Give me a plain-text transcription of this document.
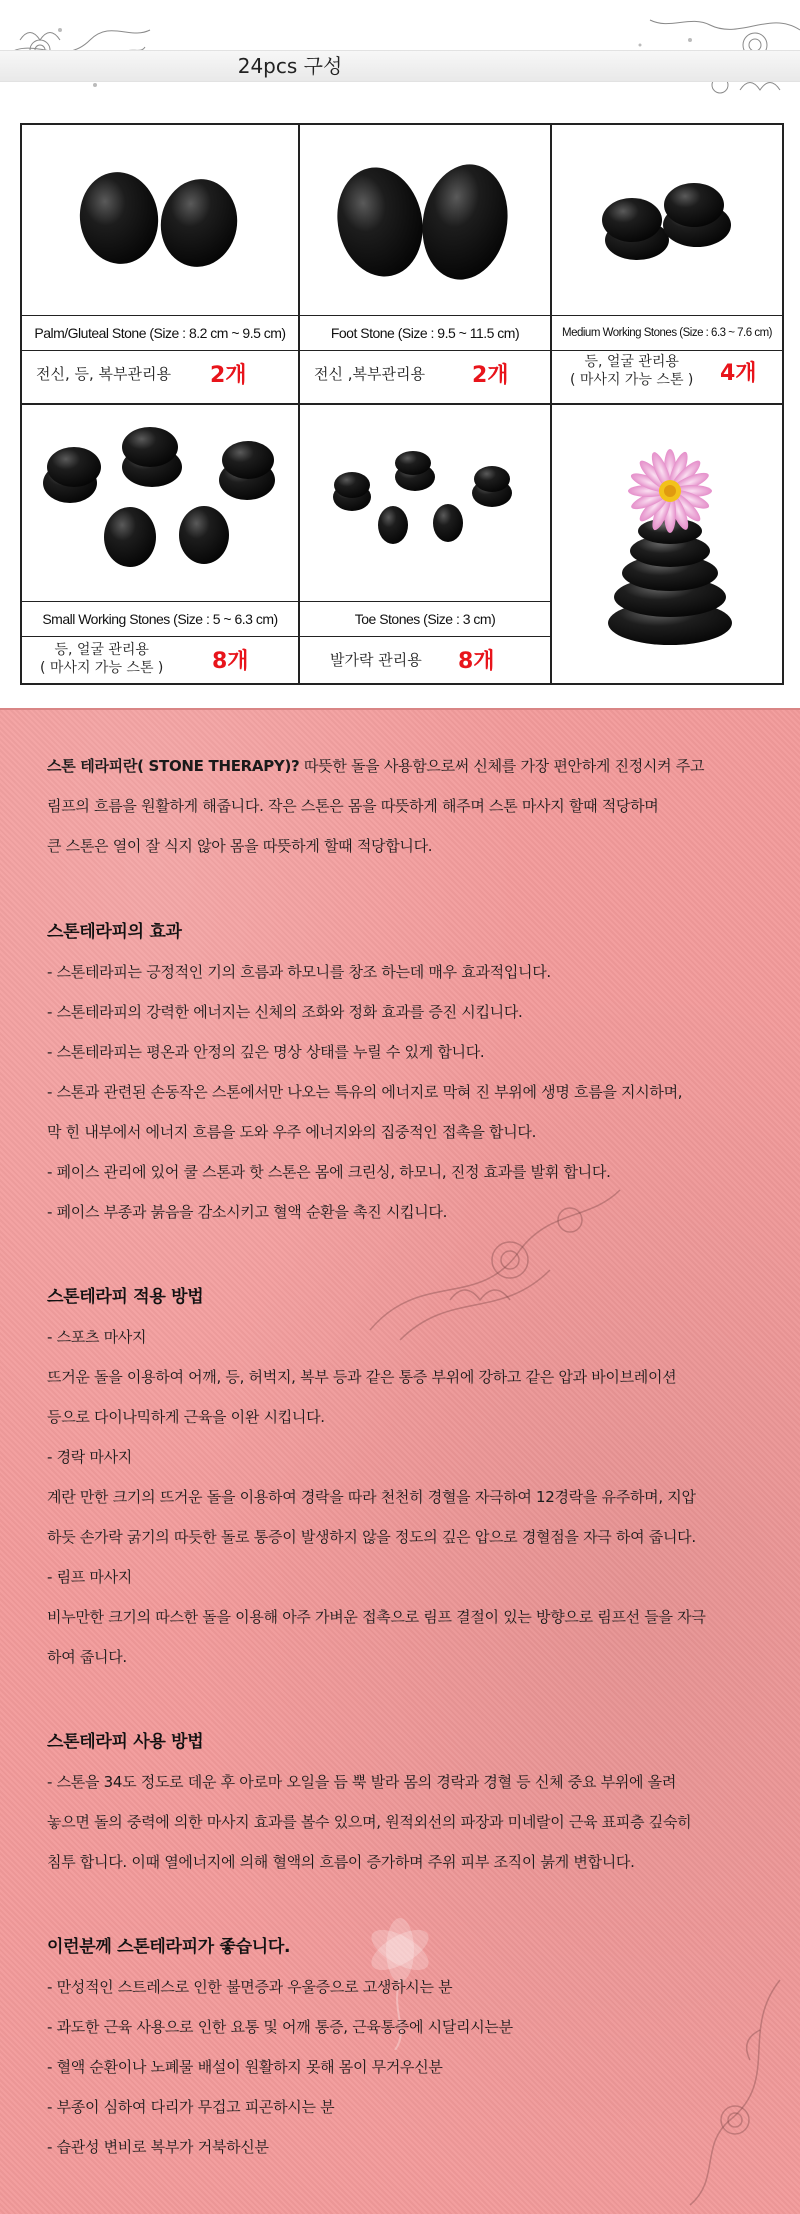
24pcs 구성
Palm/Gluteal Stone (Size : 8.2 cm ~ 9.5 cm)
전신, 등, 복부관리용 2개
Foot Stone (Size : 9.5 ~ 11.5 cm)
전신 ,복부관리용 2개
Medium Working Stones (Size : 6.3 ~ 7.6 cm)
등, 얼굴 관리용
( 마사지 가능 스톤 ) 4개
Small Working Stones (Size : 5 ~ 6.3 cm)
등, 얼굴 관리용
( 마사지 가능 스톤 ) 8개
Toe Stones (Size : 3 cm)
발가락 관리용 8개
스톤 테라피란( STONE THERAPY)? 따뜻한 돌을 사용함으로써 신체를 가장 편안하게 진정시켜 주고
림프의 흐름을 원활하게 해줍니다. 작은 스톤은 몸을 따뜻하게 해주며 스톤 마사지 할때 적당하며
큰 스톤은 열이 잘 식지 않아 몸을 따뜻하게 할때 적당합니다.
스톤테라피의 효과
- 스톤테라피는 긍정적인 기의 흐름과 하모니를 창조 하는데 매우 효과적입니다.
- 스톤테라피의 강력한 에너지는 신체의 조화와 정화 효과를 증진 시킵니다.
- 스톤테라피는 평온과 안정의 깊은 명상 상태를 누릴 수 있게 합니다.
- 스톤과 관련된 손동작은 스톤에서만 나오는 특유의 에너지로 막혀 진 부위에 생명 흐름을 지시하며,
막 힌 내부에서 에너지 흐름을 도와 우주 에너지와의 집중적인 접촉을 합니다.
- 페이스 관리에 있어 쿨 스톤과 핫 스톤은 몸에 크린싱, 하모니, 진정 효과를 발휘 합니다.
- 페이스 부종과 붉음을 감소시키고 혈액 순환을 촉진 시킵니다.
스톤테라피 적용 방법
- 스포츠 마사지
뜨거운 돌을 이용하여 어깨, 등, 허벅지, 복부 등과 같은 통증 부위에 강하고 같은 압과 바이브레이션
등으로 다이나믹하게 근육을 이완 시킵니다.
- 경락 마사지
계란 만한 크기의 뜨거운 돌을 이용하여 경락을 따라 천천히 경혈을 자극하여 12경락을 유주하며, 지압
하듯 손가락 굵기의 따듯한 돌로 통증이 발생하지 않을 정도의 깊은 압으로 경혈점을 자극 하여 줍니다.
- 림프 마사지
비누만한 크기의 따스한 돌을 이용해 아주 가벼운 접촉으로 림프 결절이 있는 방향으로 림프선 들을 자극
하여 줍니다.
스톤테라피 사용 방법
- 스톤을 34도 정도로 데운 후 아로마 오일을 듬 뿍 발라 몸의 경락과 경혈 등 신체 중요 부위에 올려
놓으면 돌의 중력에 의한 마사지 효과를 볼수 있으며, 원적외선의 파장과 미네랄이 근육 표피층 깊숙히
침투 합니다. 이때 열에너지에 의해 혈액의 흐름이 증가하며 주위 피부 조직이 붉게 변합니다.
이런분께 스톤테라피가 좋습니다.
- 만성적인 스트레스로 인한 불면증과 우울증으로 고생하시는 분
- 과도한 근육 사용으로 인한 요통 및 어깨 통증, 근육통증에 시달리시는분
- 혈액 순환이나 노폐물 배설이 원활하지 못해 몸이 무거우신분
- 부종이 심하여 다리가 무겁고 피곤하시는 분
- 습관성 변비로 복부가 거북하신분
